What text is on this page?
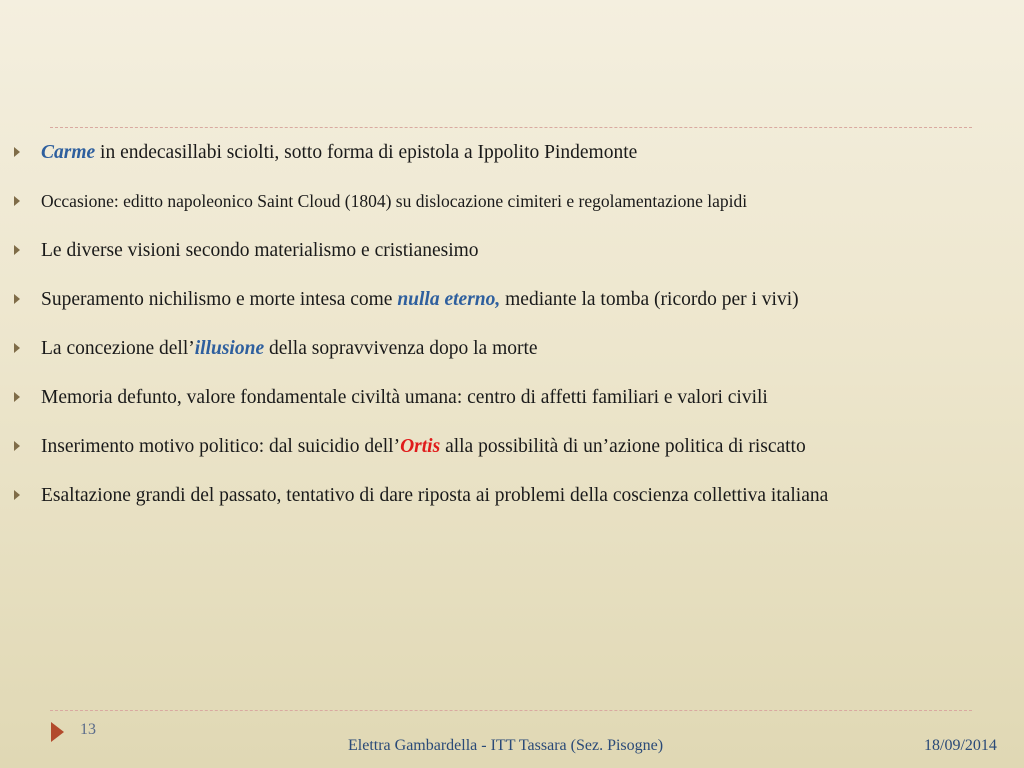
Carme in endecasillabi sciolti, sotto forma di epistola a Ippolito Pindemonte
Occasione: editto napoleonico Saint Cloud (1804) su dislocazione cimiteri e regolamentazione lapidi
Le diverse visioni secondo materialismo e cristianesimo
Superamento nichilismo e morte intesa come nulla eterno, mediante la tomba (ricordo per i vivi)
La concezione dell’illusione della sopravvivenza dopo la morte
Memoria defunto, valore fondamentale civiltà umana: centro di affetti familiari e valori civili
Inserimento motivo politico: dal suicidio dell’Ortis alla possibilità di un’azione politica di riscatto
Esaltazione grandi del passato, tentativo di dare riposta ai problemi della coscienza collettiva italiana
13
Elettra Gambardella - ITT Tassara (Sez. Pisogne)	18/09/2014
